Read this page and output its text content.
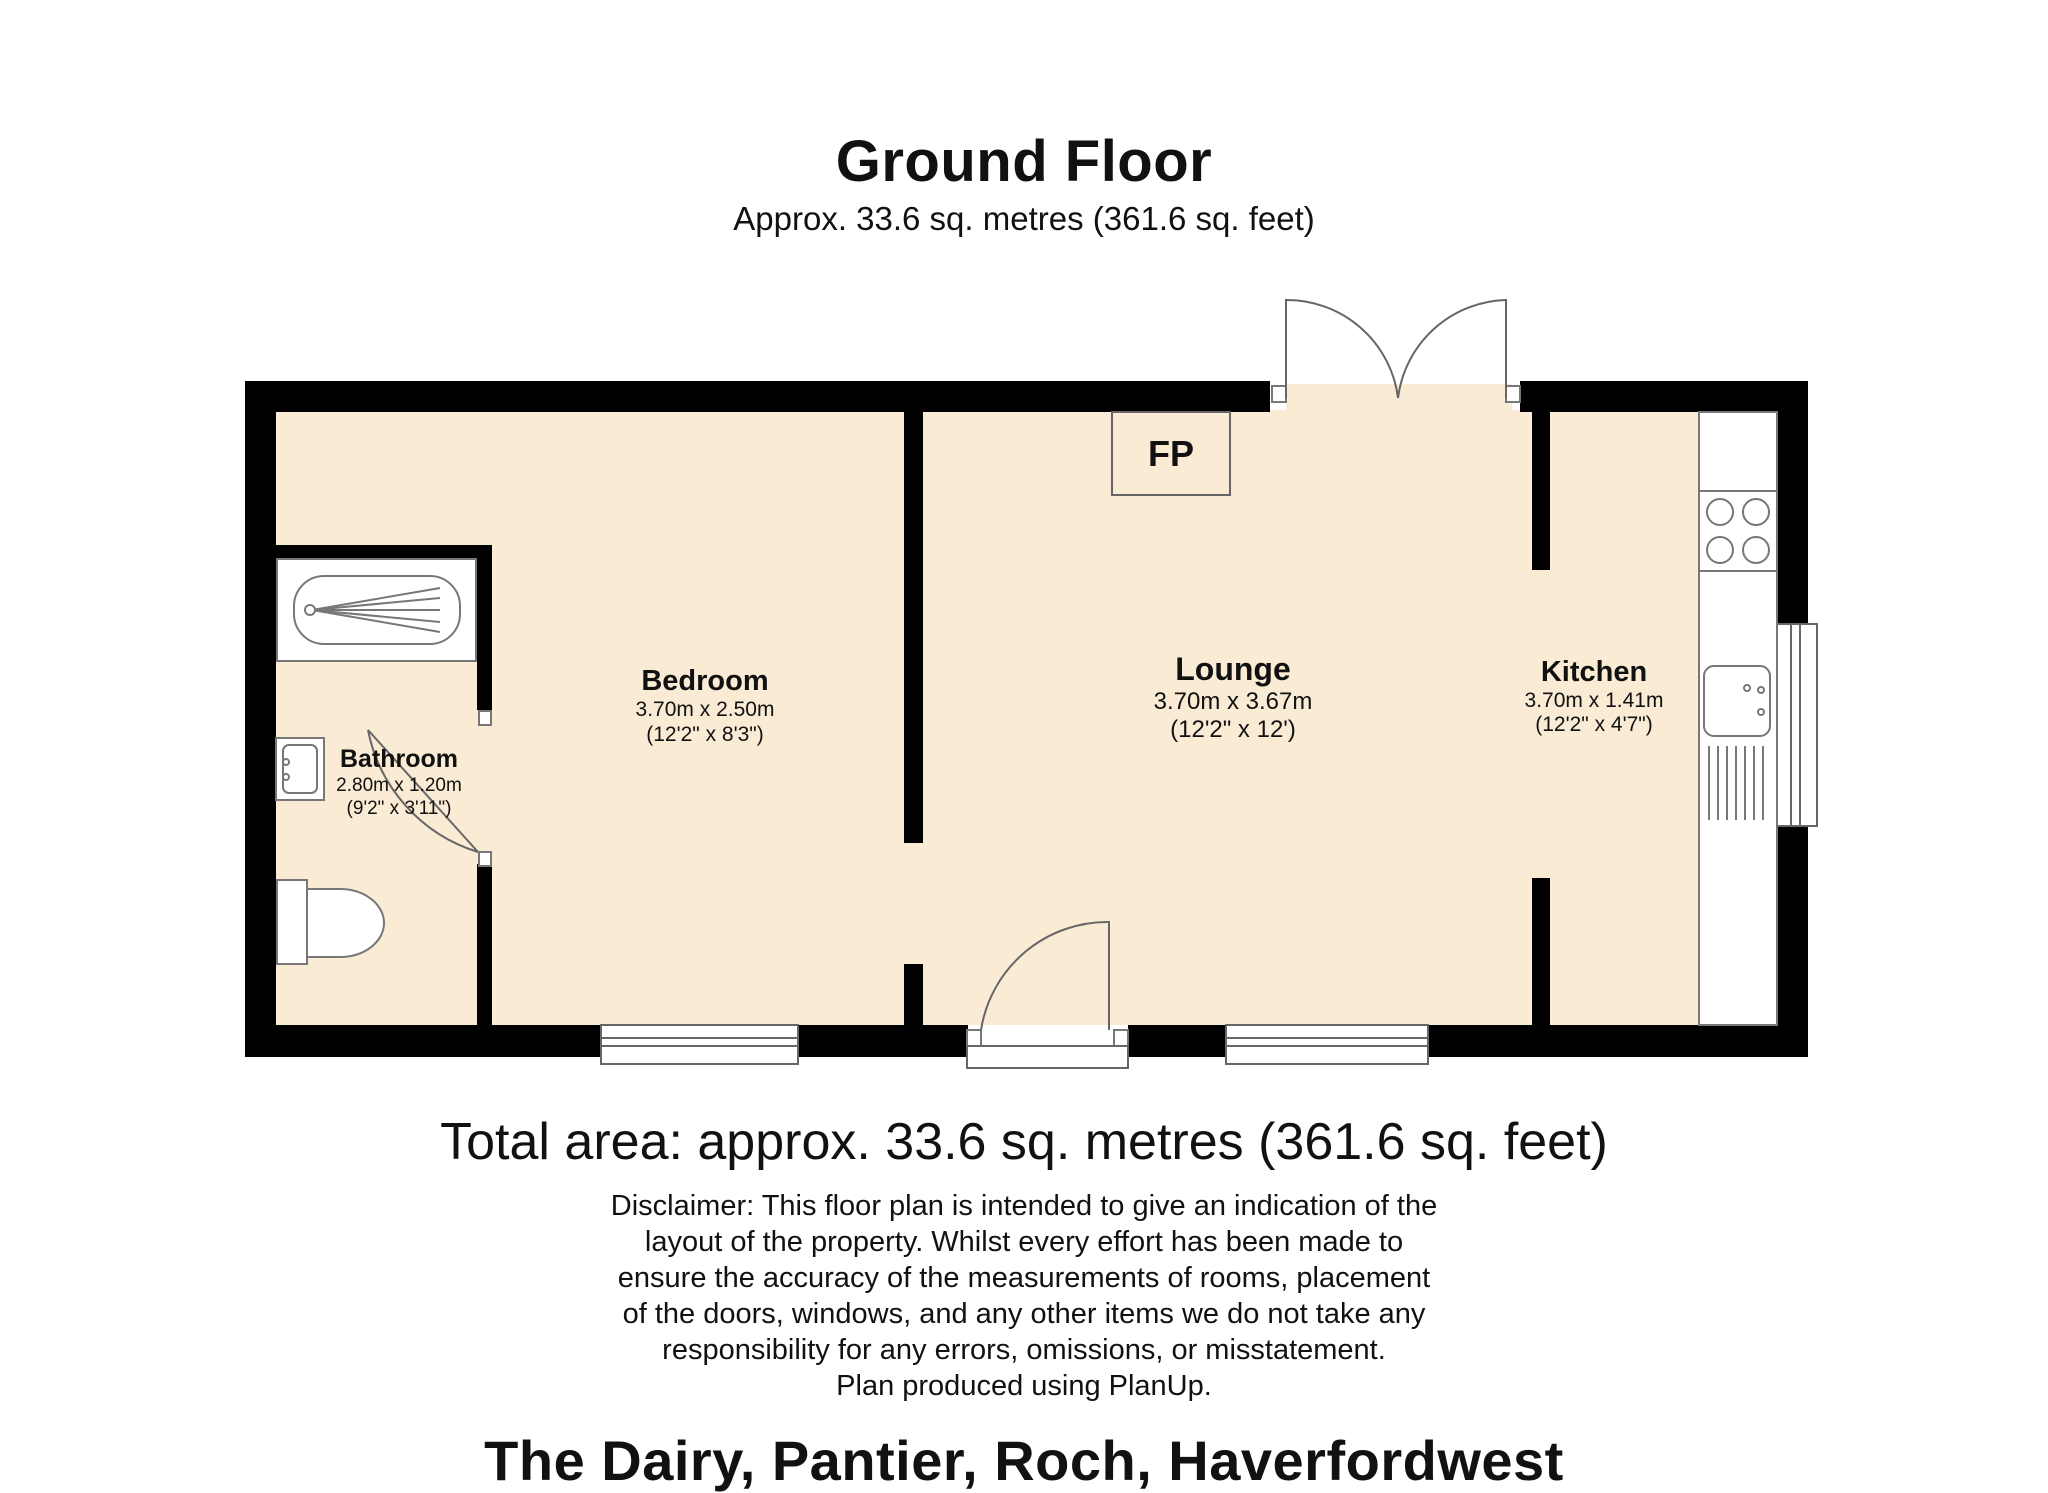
Ground Floor
Approx. 33.6 sq. metres (361.6 sq. feet)
FP
Bedroom
3.70m x 2.50m
(12'2" x 8'3")
Bathroom
2.80m x 1.20m
(9'2" x 3'11")
Lounge
3.70m x 3.67m
(12'2" x 12')
Kitchen
3.70m x 1.41m
(12'2" x 4'7")
Total area: approx. 33.6 sq. metres (361.6 sq. feet)
Disclaimer: This floor plan is intended to give an indication of the
layout of the property. Whilst every effort has been made to
ensure the accuracy of the measurements of rooms, placement
of the doors, windows, and any other items we do not take any
responsibility for any errors, omissions, or misstatement.
Plan produced using PlanUp.
The Dairy, Pantier, Roch, Haverfordwest
